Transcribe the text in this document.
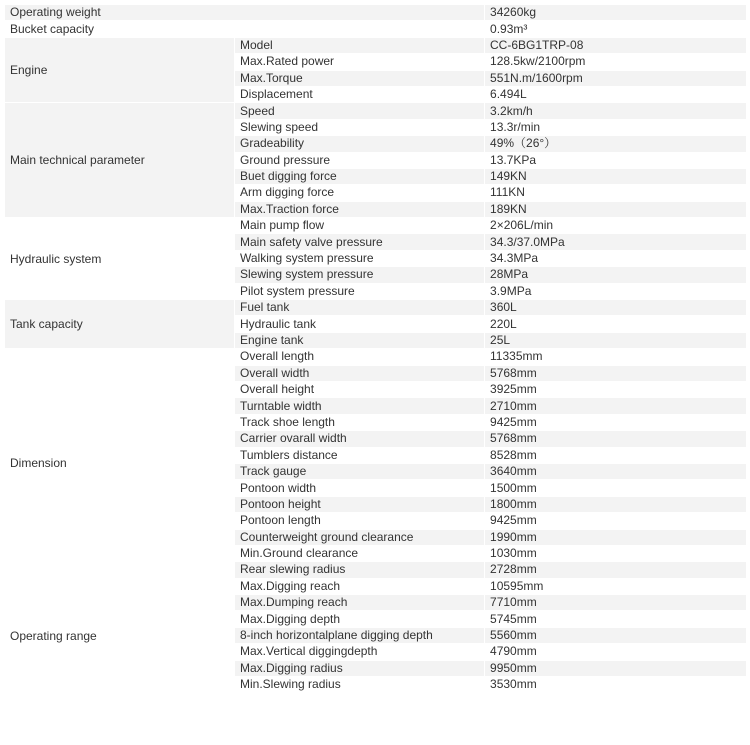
Operating weight		34260kg
Bucket capacity		0.93m³
Engine	Model	CC-6BG1TRP-08
	Max.Rated power	128.5kw/2100rpm
	Max.Torque	551N.m/1600rpm
	Displacement	6.494L
Main technical parameter	Speed	3.2km/h
	Slewing speed	13.3r/min
	Gradeability	49%（26°）
	Ground pressure	13.7KPa
	Buet digging force	149KN
	Arm digging force	111KN
	Max.Traction force	189KN
Hydraulic system	Main pump flow	2×206L/min
	Main safety valve pressure	34.3/37.0MPa
	Walking system pressure	34.3MPa
	Slewing system pressure	28MPa
	Pilot system pressure	3.9MPa
Tank capacity	Fuel tank	360L
	Hydraulic tank	220L
	Engine tank	25L
Dimension	Overall length	11335mm
	Overall width	5768mm
	Overall height	3925mm
	Turntable width	2710mm
	Track shoe length	9425mm
	Carrier ovarall width	5768mm
	Tumblers distance	8528mm
	Track gauge	3640mm
	Pontoon width	1500mm
	Pontoon height	1800mm
	Pontoon length	9425mm
	Counterweight ground clearance	1990mm
	Min.Ground clearance	1030mm
	Rear slewing radius	2728mm
Operating range	Max.Digging reach	10595mm
	Max.Dumping reach	7710mm
	Max.Digging depth	5745mm
	8-inch horizontalplane digging depth	5560mm
	Max.Vertical diggingdepth	4790mm
	Max.Digging radius	9950mm
	Min.Slewing radius	3530mm
